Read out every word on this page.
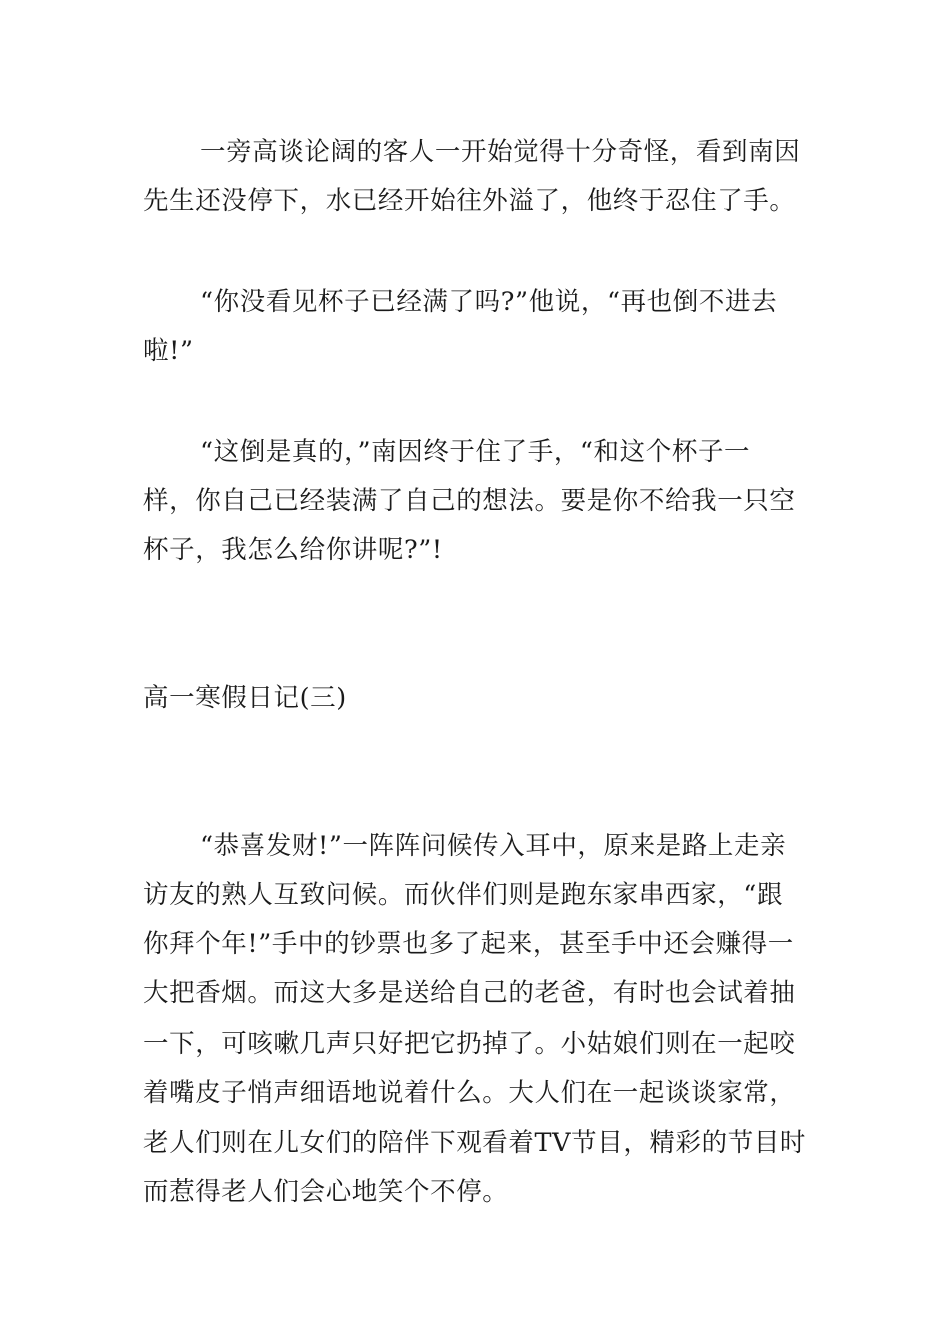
一旁高谈论阔的客人一开始觉得十分奇怪，看到南因
先生还没停下，水已经开始往外溢了，他终于忍住了手。
“你没看见杯子已经满了吗?”他说，“再也倒不进去
啦!”
“这倒是真的，”南因终于住了手，“和这个杯子一
样，你自己已经装满了自己的想法。要是你不给我一只空
杯子，我怎么给你讲呢?”!
高一寒假日记(三)
“恭喜发财!”一阵阵问候传入耳中，原来是路上走亲
访友的熟人互致问候。而伙伴们则是跑东家串西家，“跟
你拜个年!”手中的钞票也多了起来，甚至手中还会赚得一
大把香烟。而这大多是送给自己的老爸，有时也会试着抽
一下，可咳嗽几声只好把它扔掉了。小姑娘们则在一起咬
着嘴皮子悄声细语地说着什么。大人们在一起谈谈家常，
老人们则在儿女们的陪伴下观看着TV节目，精彩的节目时
而惹得老人们会心地笑个不停。
